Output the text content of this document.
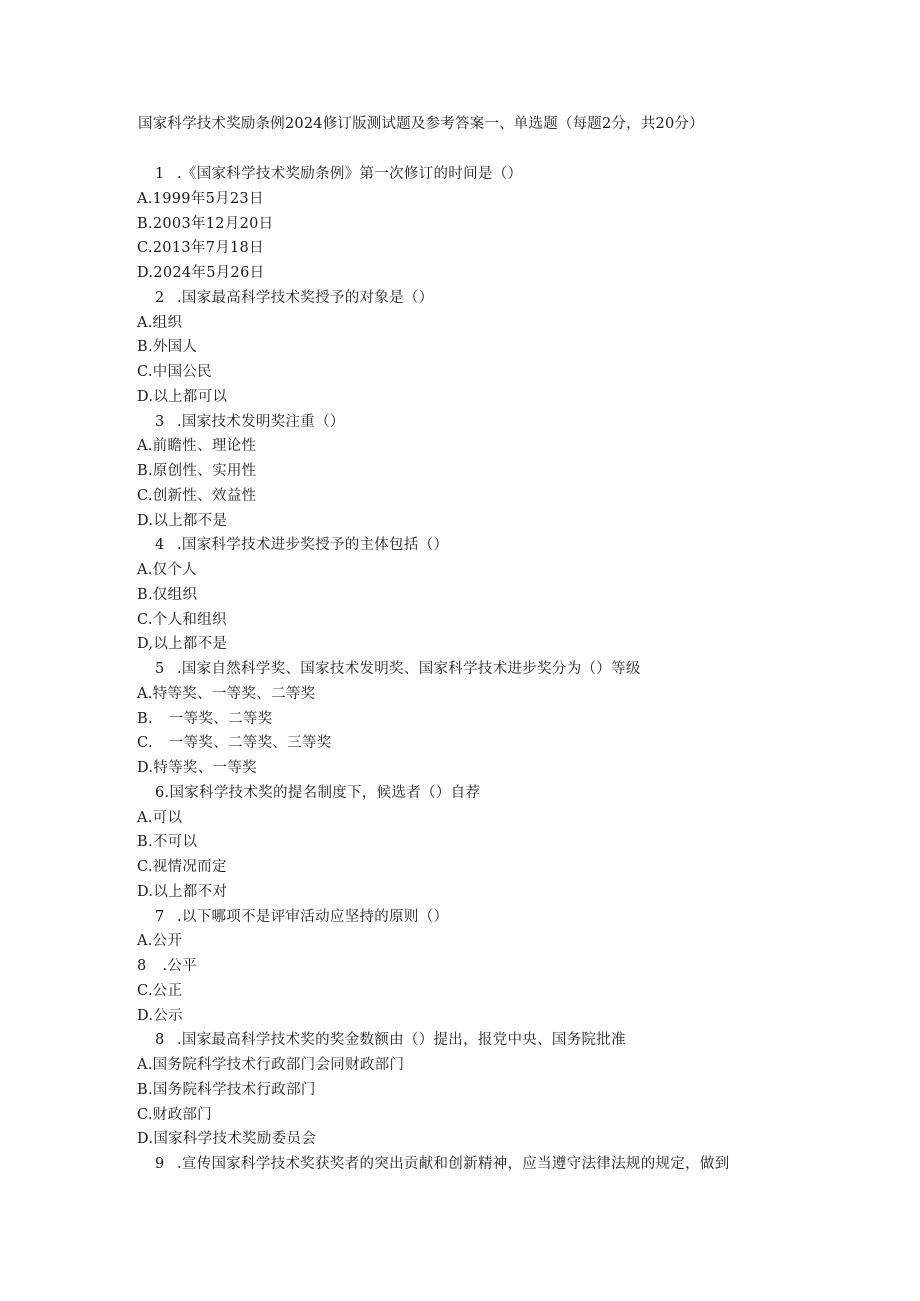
国家科学技术奖励条例2024修订版测试题及参考答案一、单选题（每题2分，共20分）
1 .《国家科学技术奖励条例》第一次修订的时间是（）
A.1999年5月23日
B.2003年12月20日
C.2013年7月18日
D.2024年5月26日
2 .国家最高科学技术奖授予的对象是（）
A.组织
B.外国人
C.中国公民
D.以上都可以
3 .国家技术发明奖注重（）
A.前瞻性、理论性
B.原创性、实用性
C.创新性、效益性
D.以上都不是
4 .国家科学技术进步奖授予的主体包括（）
A.仅个人
B.仅组织
C.个人和组织
D,以上都不是
5 .国家自然科学奖、国家技术发明奖、国家科学技术进步奖分为（）等级
A.特等奖、一等奖、二等奖
B. 一等奖、二等奖
C. 一等奖、二等奖、三等奖
D.特等奖、一等奖
6.国家科学技术奖的提名制度下，候选者（）自荐
A.可以
B.不可以
C.视情况而定
D.以上都不对
7 .以下哪项不是评审活动应坚持的原则（）
A.公开
8 .公平
C.公正
D.公示
8 .国家最高科学技术奖的奖金数额由（）提出，报党中央、国务院批准
A.国务院科学技术行政部门会同财政部门
B.国务院科学技术行政部门
C.财政部门
D.国家科学技术奖励委员会
9 .宣传国家科学技术奖获奖者的突出贡献和创新精神，应当遵守法律法规的规定，做到
